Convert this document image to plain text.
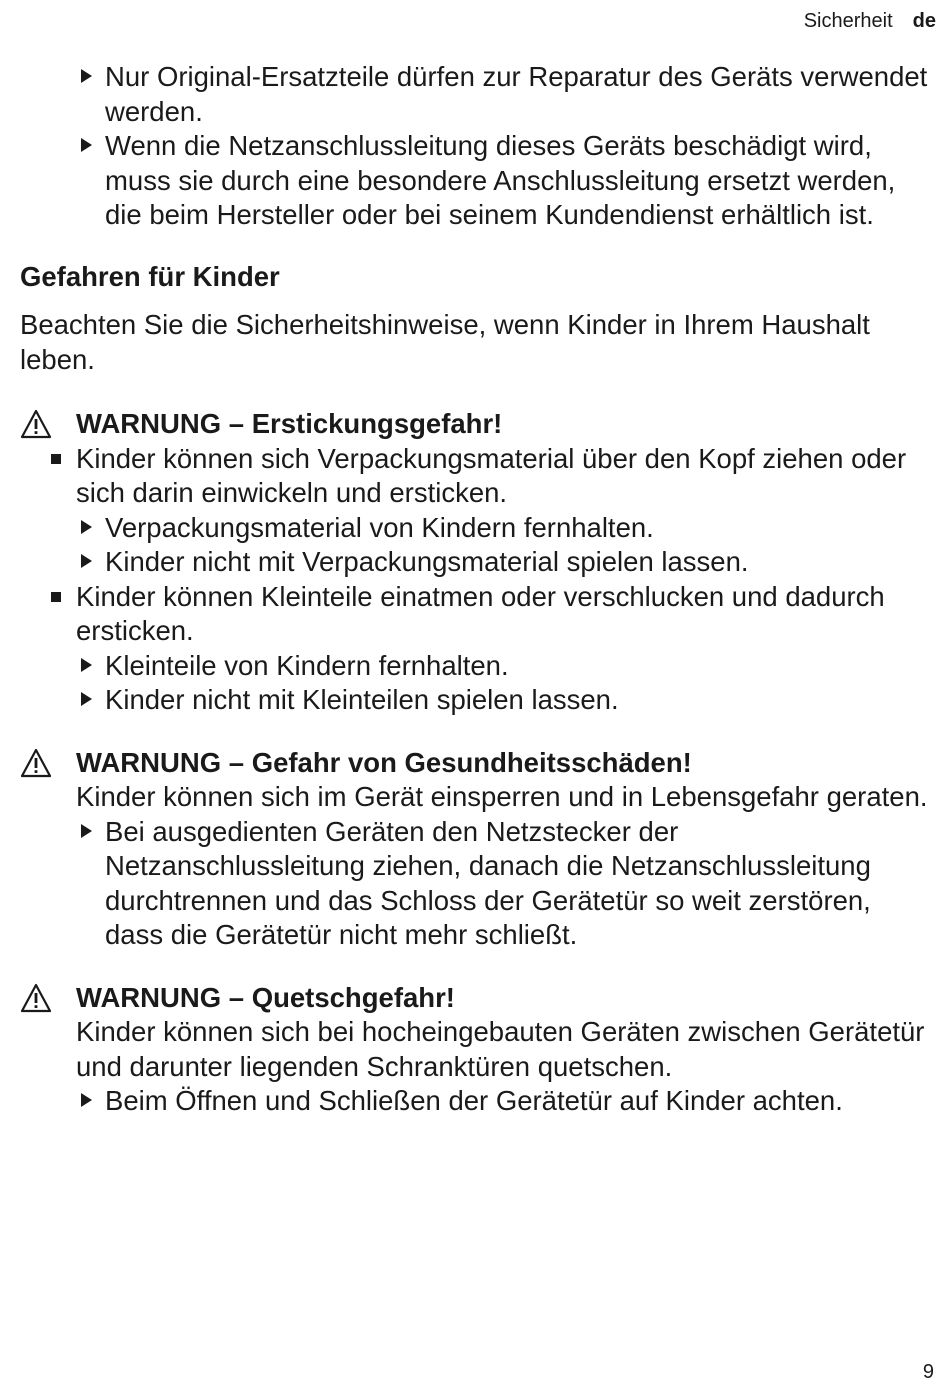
Sicherheit de
Nur Original-Ersatzteile dürfen zur Reparatur des Geräts verwendet werden.
Wenn die Netzanschlussleitung dieses Geräts beschädigt wird, muss sie durch eine besondere Anschlussleitung ersetzt werden, die beim Hersteller oder bei seinem Kundendienst erhältlich ist.
Gefahren für Kinder
Beachten Sie die Sicherheitshinweise, wenn Kinder in Ihrem Haushalt leben.
WARNUNG – Erstickungsgefahr!
Kinder können sich Verpackungsmaterial über den Kopf ziehen oder sich darin einwickeln und ersticken.
Verpackungsmaterial von Kindern fernhalten.
Kinder nicht mit Verpackungsmaterial spielen lassen.
Kinder können Kleinteile einatmen oder verschlucken und dadurch ersticken.
Kleinteile von Kindern fernhalten.
Kinder nicht mit Kleinteilen spielen lassen.
WARNUNG – Gefahr von Gesundheitsschäden!
Kinder können sich im Gerät einsperren und in Lebensgefahr geraten.
Bei ausgedienten Geräten den Netzstecker der Netzanschlussleitung ziehen, danach die Netzanschlussleitung durchtrennen und das Schloss der Gerätetür so weit zerstören, dass die Gerätetür nicht mehr schließt.
WARNUNG – Quetschgefahr!
Kinder können sich bei hocheingebauten Geräten zwischen Gerätetür und darunter liegenden Schranktüren quetschen.
Beim Öffnen und Schließen der Gerätetür auf Kinder achten.
9
